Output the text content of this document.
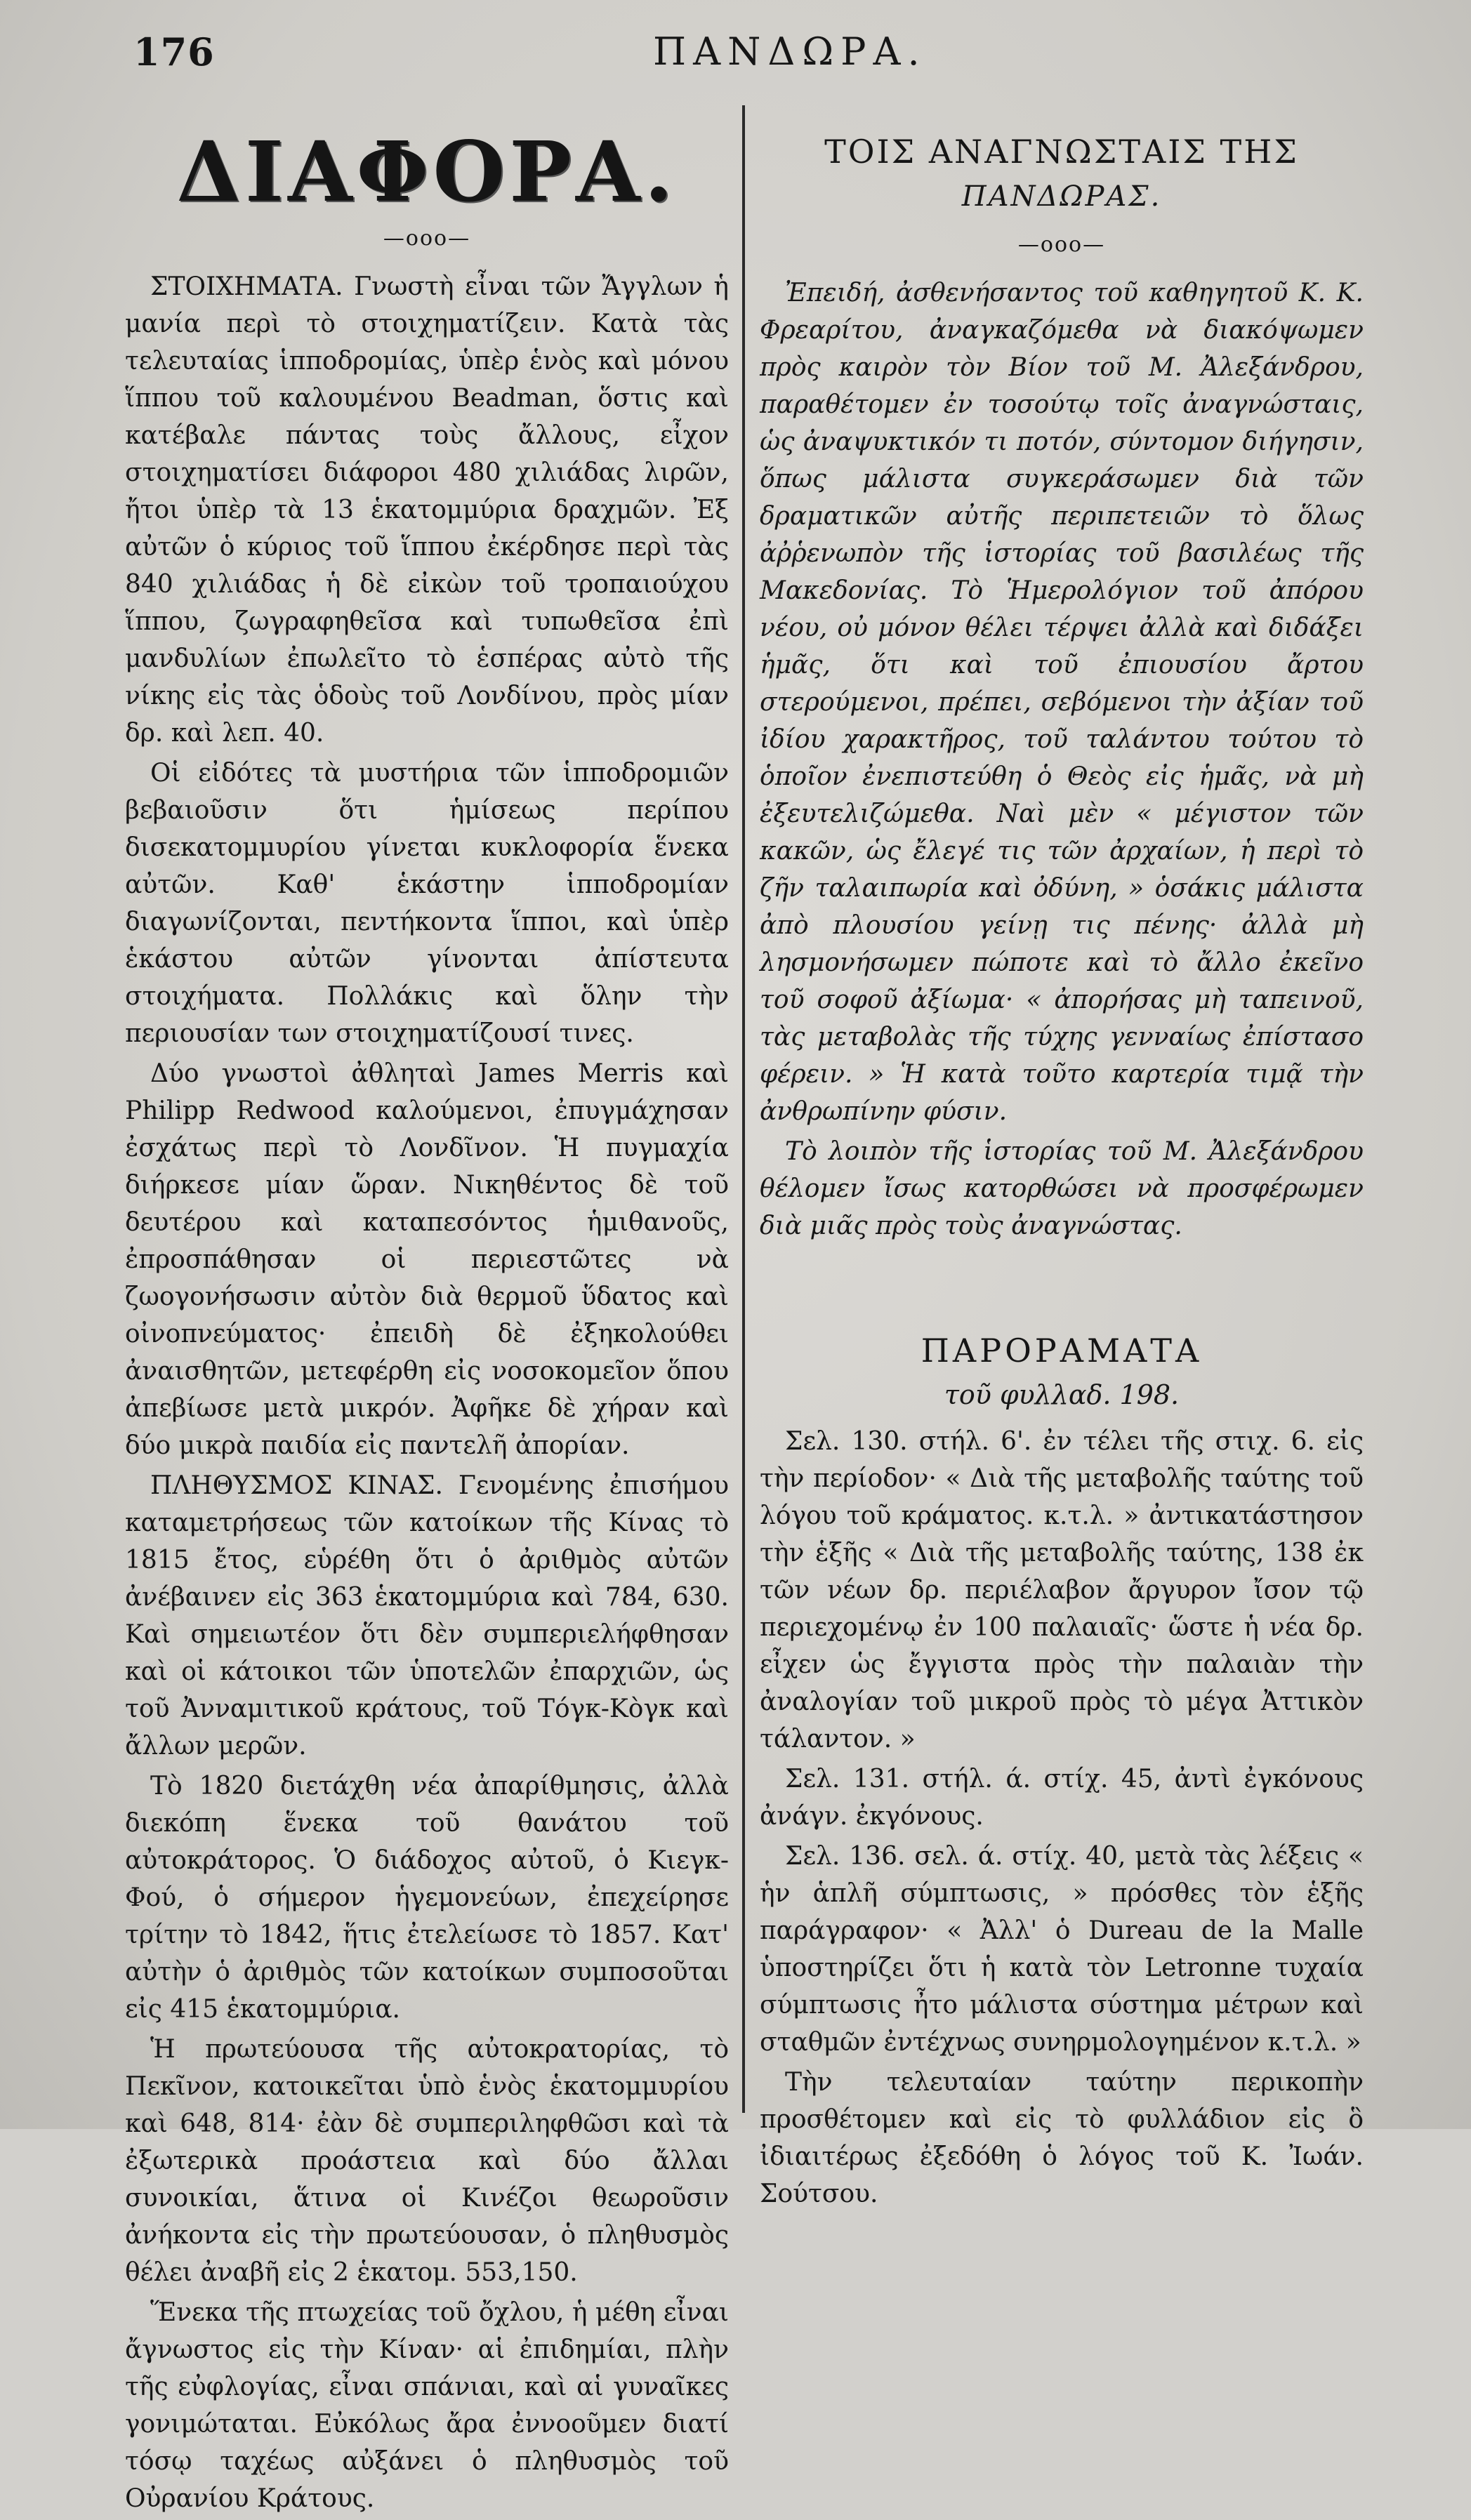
176	ΠΑΝΔΩΡΑ.
ΔΙΑΦΟΡΑ.
—οοο—

ΣΤΟΙΧΗΜΑΤΑ. Γνωστὴ εἶναι τῶν Ἄγγλων ἡ μανία περὶ τὸ στοιχηματίζειν. Κατὰ τὰς τελευταίας ἱπποδρομίας, ὑπὲρ ἑνὸς καὶ μόνου ἵππου τοῦ καλουμένου Beadman, ὅστις καὶ κατέβαλε πάντας τοὺς ἄλλους, εἶχον στοιχηματίσει διάφοροι 480 χιλιάδας λιρῶν, ἤτοι ὑπὲρ τὰ 13 ἑκατομμύρια δραχμῶν. Ἐξ αὐτῶν ὁ κύριος τοῦ ἵππου ἐκέρδησε περὶ τὰς 840 χιλιάδας ἡ δὲ εἰκὼν τοῦ τροπαιούχου ἵππου, ζωγραφηθεῖσα καὶ τυπωθεῖσα ἐπὶ μανδυλίων ἐπωλεῖτο τὸ ἑσπέρας αὐτὸ τῆς νίκης εἰς τὰς ὁδοὺς τοῦ Λονδίνου, πρὸς μίαν δρ. καὶ λεπ. 40.

Οἱ εἰδότες τὰ μυστήρια τῶν ἱπποδρομιῶν βεβαιοῦσιν ὅτι ἡμίσεως περίπου δισεκατομμυρίου γίνεται κυκλοφορία ἕνεκα αὐτῶν. Καθ' ἑκάστην ἱπποδρομίαν διαγωνίζονται, πεντήκοντα ἵπποι, καὶ ὑπὲρ ἑκάστου αὐτῶν γίνονται ἀπίστευτα στοιχήματα. Πολλάκις καὶ ὅλην τὴν περιουσίαν των στοιχηματίζουσί τινες.

Δύο γνωστοὶ ἀθληταὶ James Merris καὶ Philipp Redwood καλούμενοι, ἐπυγμάχησαν ἐσχάτως περὶ τὸ Λονδῖνον. Ἡ πυγμαχία διήρκεσε μίαν ὥραν. Νικηθέντος δὲ τοῦ δευτέρου καὶ καταπεσόντος ἡμιθανοῦς, ἐπροσπάθησαν οἱ περιεστῶτες νὰ ζωογονήσωσιν αὐτὸν διὰ θερμοῦ ὕδατος καὶ οἰνοπνεύματος· ἐπειδὴ δὲ ἐξηκολούθει ἀναισθητῶν, μετεφέρθη εἰς νοσοκομεῖον ὅπου ἀπεβίωσε μετὰ μικρόν. Ἀφῆκε δὲ χήραν καὶ δύο μικρὰ παιδία εἰς παντελῆ ἀπορίαν.

ΠΛΗΘΥΣΜΟΣ ΚΙΝΑΣ. Γενομένης ἐπισήμου καταμετρήσεως τῶν κατοίκων τῆς Κίνας τὸ 1815 ἔτος, εὑρέθη ὅτι ὁ ἀριθμὸς αὐτῶν ἀνέβαινεν εἰς 363 ἑκατομμύρια καὶ 784, 630. Καὶ σημειωτέον ὅτι δὲν συμπεριελήφθησαν καὶ οἱ κάτοικοι τῶν ὑποτελῶν ἐπαρχιῶν, ὡς τοῦ Ἀνναμιτικοῦ κράτους, τοῦ Τόγκ-Κὸγκ καὶ ἄλλων μερῶν.

Τὸ 1820 διετάχθη νέα ἀπαρίθμησις, ἀλλὰ διεκόπη ἕνεκα τοῦ θανάτου τοῦ αὐτοκράτορος. Ὁ διάδοχος αὐτοῦ, ὁ Κιεγκ-Φού, ὁ σήμερον ἡγεμονεύων, ἐπεχείρησε τρίτην τὸ 1842, ἥτις ἐτελείωσε τὸ 1857. Κατ' αὐτὴν ὁ ἀριθμὸς τῶν κατοίκων συμποσοῦται εἰς 415 ἑκατομμύρια.

Ἡ πρωτεύουσα τῆς αὐτοκρατορίας, τὸ Πεκῖνον, κατοικεῖται ὑπὸ ἑνὸς ἑκατομμυρίου καὶ 648, 814· ἐὰν δὲ συμπεριληφθῶσι καὶ τὰ ἐξωτερικὰ προάστεια καὶ δύο ἄλλαι συνοικίαι, ἅτινα οἱ Κινέζοι θεωροῦσιν ἀνήκοντα εἰς τὴν πρωτεύουσαν, ὁ πληθυσμὸς θέλει ἀναβῆ εἰς 2 ἑκατομ. 553,150.

Ἕνεκα τῆς πτωχείας τοῦ ὄχλου, ἡ μέθη εἶναι ἄγνωστος εἰς τὴν Κίναν· αἱ ἐπιδημίαι, πλὴν τῆς εὐφλογίας, εἶναι σπάνιαι, καὶ αἱ γυναῖκες γονιμώταται. Εὐκόλως ἄρα ἐννοοῦμεν διατί τόσῳ ταχέως αὐξάνει ὁ πληθυσμὸς τοῦ Οὐρανίου Κράτους.

ΤΟΙΣ ΑΝΑΓΝΩΣΤΑΙΣ ΤΗΣ
ΠΑΝΔΩΡΑΣ.
—οοο—

Ἐπειδή, ἀσθενήσαντος τοῦ καθηγητοῦ Κ. Κ. Φρεαρίτου, ἀναγκαζόμεθα νὰ διακόψωμεν πρὸς καιρὸν τὸν Βίον τοῦ Μ. Ἀλεξάνδρου, παραθέτομεν ἐν τοσούτῳ τοῖς ἀναγνώσταις, ὡς ἀναψυκτικόν τι ποτόν, σύντομον διήγησιν, ὅπως μάλιστα συγκεράσωμεν διὰ τῶν δραματικῶν αὐτῆς περιπετειῶν τὸ ὅλως ἀῤῥενωπὸν τῆς ἱστορίας τοῦ βασιλέως τῆς Μακεδονίας. Τὸ Ἡμερολόγιον τοῦ ἀπόρου νέου, οὐ μόνον θέλει τέρψει ἀλλὰ καὶ διδάξει ἡμᾶς, ὅτι καὶ τοῦ ἐπιουσίου ἄρτου στερούμενοι, πρέπει, σεβόμενοι τὴν ἀξίαν τοῦ ἰδίου χαρακτῆρος, τοῦ ταλάντου τούτου τὸ ὁποῖον ἐνεπιστεύθη ὁ Θεὸς εἰς ἡμᾶς, νὰ μὴ ἐξευτελιζώμεθα. Ναὶ μὲν « μέγιστον τῶν κακῶν, ὡς ἔλεγέ τις τῶν ἀρχαίων, ἡ περὶ τὸ ζῆν ταλαιπωρία καὶ ὀδύνη, » ὁσάκις μάλιστα ἀπὸ πλουσίου γείνῃ τις πένης· ἀλλὰ μὴ λησμονήσωμεν πώποτε καὶ τὸ ἄλλο ἐκεῖνο τοῦ σοφοῦ ἀξίωμα· « ἀπορήσας μὴ ταπεινοῦ, τὰς μεταβολὰς τῆς τύχης γενναίως ἐπίστασο φέρειν. » Ἡ κατὰ τοῦτο καρτερία τιμᾷ τὴν ἀνθρωπίνην φύσιν.

Τὸ λοιπὸν τῆς ἱστορίας τοῦ Μ. Ἀλεξάνδρου θέλομεν ἴσως κατορθώσει νὰ προσφέρωμεν διὰ μιᾶς πρὸς τοὺς ἀναγνώστας.

ΠΑΡΟΡΑΜΑΤΑ
τοῦ φυλλαδ. 198.

Σελ. 130. στήλ. 6'. ἐν τέλει τῆς στιχ. 6. εἰς τὴν περίοδον· « Διὰ τῆς μεταβολῆς ταύτης τοῦ λόγου τοῦ κράματος. κ.τ.λ. » ἀντικατάστησον τὴν ἑξῆς « Διὰ τῆς μεταβολῆς ταύτης, 138 ἐκ τῶν νέων δρ. περιέλαβον ἄργυρον ἴσον τῷ περιεχομένῳ ἐν 100 παλαιαῖς· ὥστε ἡ νέα δρ. εἶχεν ὡς ἔγγιστα πρὸς τὴν παλαιὰν τὴν ἀναλογίαν τοῦ μικροῦ πρὸς τὸ μέγα Ἀττικὸν τάλαντον. »

Σελ. 131. στήλ. ά. στίχ. 45, ἀντὶ ἐγκόνους ἀνάγν. ἐκγόνους.

Σελ. 136. σελ. ά. στίχ. 40, μετὰ τὰς λέξεις « ἡν ἁπλῆ σύμπτωσις, » πρόσθες τὸν ἑξῆς παράγραφον· « Ἀλλ' ὁ Dureau de la Malle ὑποστηρίζει ὅτι ἡ κατὰ τὸν Letronne τυχαία σύμπτωσις ἦτο μάλιστα σύστημα μέτρων καὶ σταθμῶν ἐντέχνως συνηρμολογημένον κ.τ.λ. »

Τὴν τελευταίαν ταύτην περικοπὴν προσθέτομεν καὶ εἰς τὸ φυλλάδιον εἰς ὃ ἰδιαιτέρως ἐξεδόθη ὁ λόγος τοῦ Κ. Ἰωάν. Σούτσου.
